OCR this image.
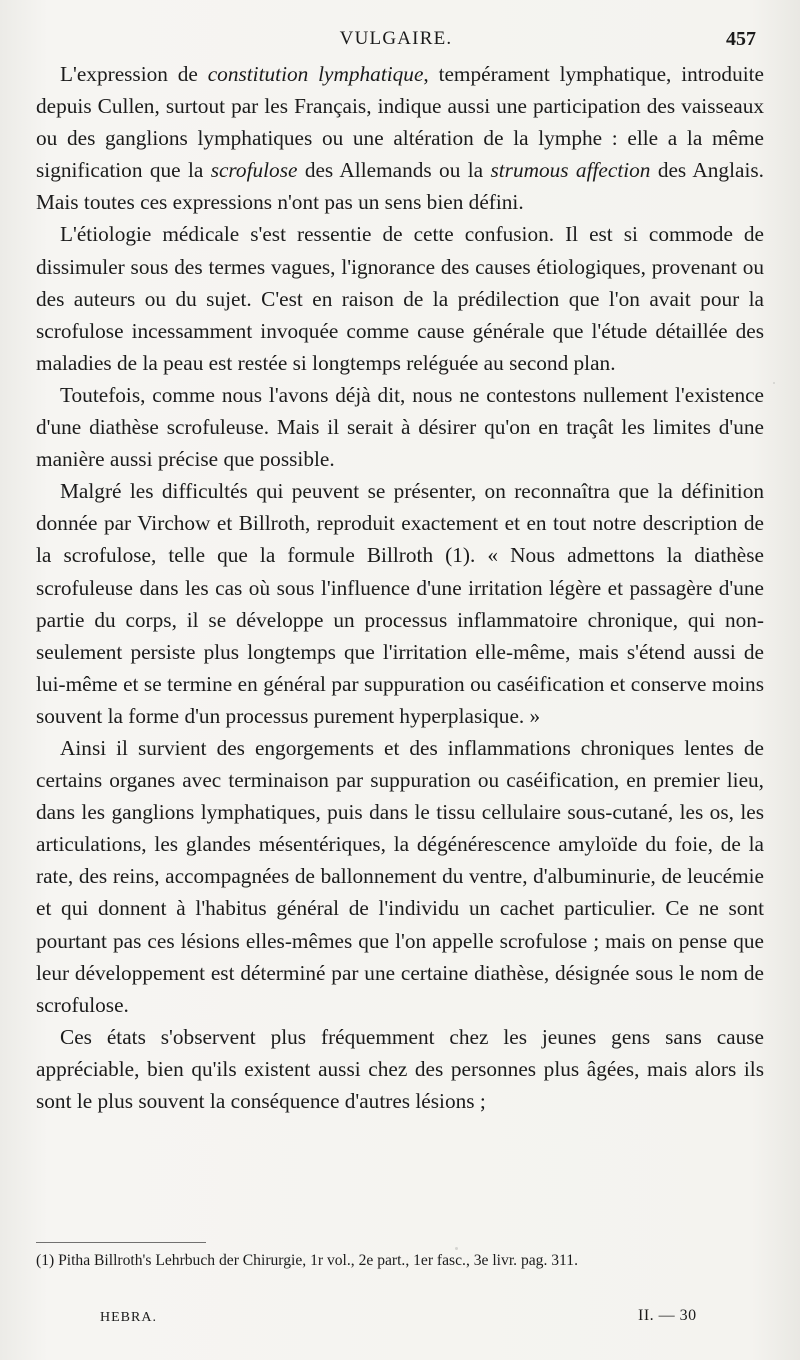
VULGAIRE.	457

L'expression de constitution lymphatique, tempérament lymphatique, introduite depuis Cullen, surtout par les Français, indique aussi une participation des vaisseaux ou des ganglions lymphatiques ou une altération de la lymphe : elle a la même signification que la scrofulose des Allemands ou la strumous affection des Anglais. Mais toutes ces expressions n'ont pas un sens bien défini.

L'étiologie médicale s'est ressentie de cette confusion. Il est si commode de dissimuler sous des termes vagues, l'ignorance des causes étiologiques, provenant ou des auteurs ou du sujet. C'est en raison de la prédilection que l'on avait pour la scrofulose incessamment invoquée comme cause générale que l'étude détaillée des maladies de la peau est restée si longtemps reléguée au second plan.

Toutefois, comme nous l'avons déjà dit, nous ne contestons nullement l'existence d'une diathèse scrofuleuse. Mais il serait à désirer qu'on en traçât les limites d'une manière aussi précise que possible.

Malgré les difficultés qui peuvent se présenter, on reconnaîtra que la définition donnée par Virchow et Billroth, reproduit exactement et en tout notre description de la scrofulose, telle que la formule Billroth (1). « Nous admettons la diathèse scrofuleuse dans les cas où sous l'influence d'une irritation légère et passagère d'une partie du corps, il se développe un processus inflammatoire chronique, qui non-seulement persiste plus longtemps que l'irritation elle-même, mais s'étend aussi de lui-même et se termine en général par suppuration ou caséification et conserve moins souvent la forme d'un processus purement hyperplasique. »

Ainsi il survient des engorgements et des inflammations chroniques lentes de certains organes avec terminaison par suppuration ou caséification, en premier lieu, dans les ganglions lymphatiques, puis dans le tissu cellulaire sous-cutané, les os, les articulations, les glandes mésentériques, la dégénérescence amyloïde du foie, de la rate, des reins, accompagnées de ballonnement du ventre, d'albuminurie, de leucémie et qui donnent à l'habitus général de l'individu un cachet particulier. Ce ne sont pourtant pas ces lésions elles-mêmes que l'on appelle scrofulose ; mais on pense que leur développement est déterminé par une certaine diathèse, désignée sous le nom de scrofulose.

Ces états s'observent plus fréquemment chez les jeunes gens sans cause appréciable, bien qu'ils existent aussi chez des personnes plus âgées, mais alors ils sont le plus souvent la conséquence d'autres lésions ;

(1) Pitha Billroth's Lehrbuch der Chirurgie, 1r vol., 2e part., 1er fasc., 3e livr. pag. 311.
HEBRA.	II. — 30
